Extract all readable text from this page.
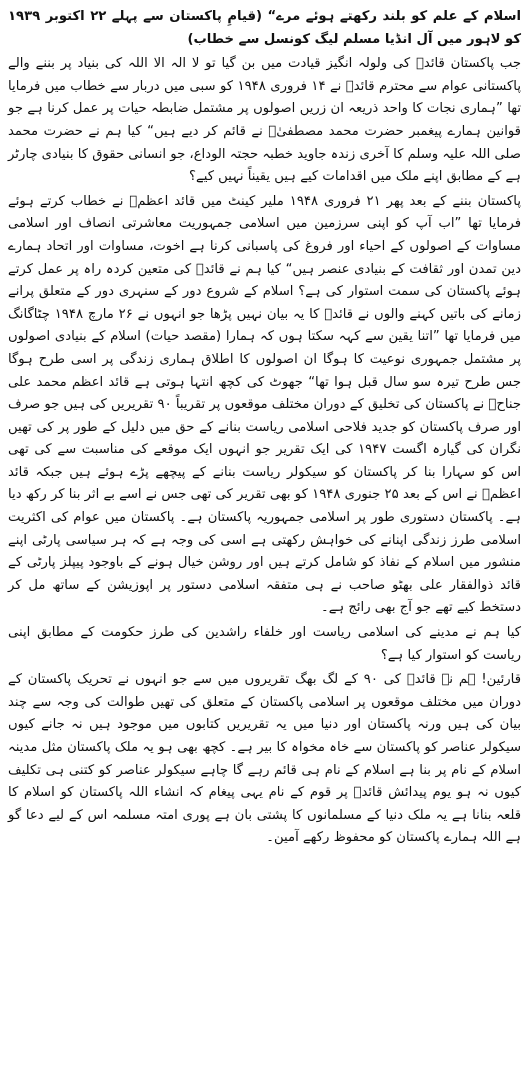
اسلام کے علم کو بلند رکھتے ہوئے مرے“ (قیامِ پاکستان سے پہلے ۲۲ اکتوبر ۱۹۳۹ کو لاہور میں آل انڈیا مسلم لیگ کونسل سے خطاب)

جب پاکستان قائدؒ کی ولولہ انگیز قیادت میں بن گیا تو لا الہ الا اللہ کی بنیاد پر بننے والے پاکستانی عوام سے محترم قائدؒ نے ۱۴ فروری ۱۹۴۸ کو سبی میں دربار سے خطاب میں فرمایا تھا ”ہماری نجات کا واحد ذریعہ ان زریں اصولوں پر مشتمل ضابطہ حیات پر عمل کرنا ہے جو قوانین ہمارے پیغمبر حضرت محمد مصطفیٰؐ نے قائم کر دیے ہیں“ کیا ہم نے حضرت محمد صلی اللہ علیہ وسلم کا آخری زندہ جاوید خطبہ حجتہ الوداع، جو انسانی حقوق کا بنیادی چارٹر ہے کے مطابق اپنے ملک میں اقدامات کیے ہیں یقیناً نہیں کیے؟

پاکستان بننے کے بعد پھر ۲۱ فروری ۱۹۴۸ ملیر کینٹ میں قائد اعظمؒ نے خطاب کرتے ہوئے فرمایا تھا ”اب آپ کو اپنی سرزمین میں اسلامی جمہوریت معاشرتی انصاف اور اسلامی مساوات کے اصولوں کے احیاء اور فروغ کی پاسبانی کرنا ہے اخوت، مساوات اور اتحاد ہمارے دین تمدن اور ثقافت کے بنیادی عنصر ہیں“ کیا ہم نے قائدؒ کی متعین کردہ راہ پر عمل کرتے ہوئے پاکستان کی سمت استوار کی ہے؟ اسلام کے شروع دور کے سنہری دور کے متعلق پرانے زمانے کی باتیں کہنے والوں نے قائدؒ کا یہ بیان نہیں پڑھا جو انہوں نے ۲۶ مارچ ۱۹۴۸ چٹاگانگ میں فرمایا تھا ”اتنا یقین سے کہہ سکتا ہوں کہ ہمارا (مقصد حیات) اسلام کے بنیادی اصولوں پر مشتمل جمہوری نوعیت کا ہوگا ان اصولوں کا اطلاق ہماری زندگی پر اسی طرح ہوگا جس طرح تیرہ سو سال قبل ہوا تھا“ جھوٹ کی کچھ انتہا ہوتی ہے قائد اعظم محمد علی جناحؒ نے پاکستان کی تخلیق کے دوران مختلف موقعوں پر تقریباً ۹۰ تقریریں کی ہیں جو صرف اور صرف پاکستان کو جدید فلاحی اسلامی ریاست بنانے کے حق میں دلیل کے طور پر کی تھیں نگران کی گیارہ اگست ۱۹۴۷ کی ایک تقریر جو انہوں ایک موقعے کی مناسبت سے کی تھی اس کو سہارا بنا کر پاکستان کو سیکولر ریاست بنانے کے پیچھے پڑے ہوئے ہیں جبکہ قائد اعظمؒ نے اس کے بعد ۲۵ جنوری ۱۹۴۸ کو بھی تقریر کی تھی جس نے اسے بے اثر بنا کر رکھ دیا ہے۔ پاکستان دستوری طور پر اسلامی جمہوریہ پاکستان ہے۔ پاکستان میں عوام کی اکثریت اسلامی طرز زندگی اپنانے کی خواہش رکھتی ہے اسی کی وجہ ہے کہ ہر سیاسی پارٹی اپنے منشور میں اسلام کے نفاذ کو شامل کرتے ہیں اور روشن خیال ہونے کے باوجود پیپلز پارٹی کے قائد ذوالفقار علی بھٹو صاحب نے ہی متفقہ اسلامی دستور پر اپوزیشن کے ساتھ مل کر دستخط کیے تھے جو آج بھی رائج ہے۔

کیا ہم نے مدینے کی اسلامی ریاست اور خلفاء راشدین کی طرز حکومت کے مطابق اپنی ریاست کو استوار کیا ہے؟

قارئین! ہم نے قائدؒ کی ۹۰ کے لگ بھگ تقریروں میں سے جو انہوں نے تحریک پاکستان کے دوران میں مختلف موقعوں پر اسلامی پاکستان کے متعلق کی تھیں طوالت کی وجہ سے چند بیان کی ہیں ورنہ پاکستان اور دنیا میں یہ تقریریں کتابوں میں موجود ہیں نہ جانے کیوں سیکولر عناصر کو پاکستان سے خاہ مخواہ کا بیر ہے۔ کچھ بھی ہو یہ ملک پاکستان مثل مدینہ اسلام کے نام پر بنا ہے اسلام کے نام ہی قائم رہے گا چاہے سیکولر عناصر کو کتنی ہی تکلیف کیوں نہ ہو یوم پیدائش قائدؒ پر قوم کے نام یہی پیغام کہ انشاء اللہ پاکستان کو اسلام کا قلعہ بنانا ہے یہ ملک دنیا کے مسلمانوں کا پشتی بان ہے پوری امتہ مسلمہ اس کے لیے دعا گو ہے اللہ ہمارے پاکستان کو محفوظ رکھے آمین۔
